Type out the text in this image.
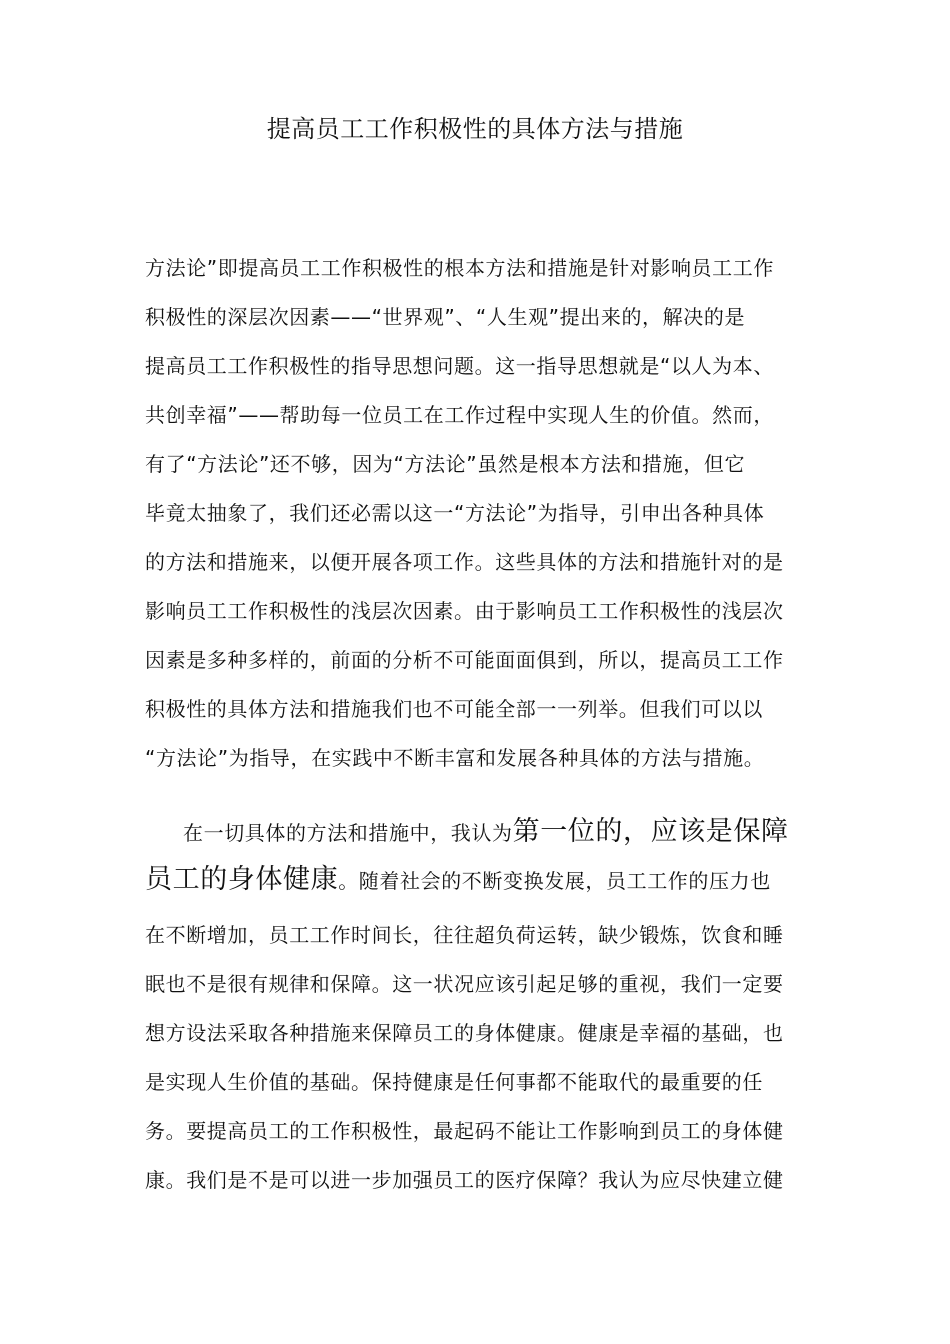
提高员工工作积极性的具体方法与措施
方法论”即提高员工工作积极性的根本方法和措施是针对影响员工工作
积极性的深层次因素——“世界观”、“人生观”提出来的，解决的是
提高员工工作积极性的指导思想问题。这一指导思想就是“以人为本、
共创幸福”——帮助每一位员工在工作过程中实现人生的价值。然而，
有了“方法论”还不够，因为“方法论”虽然是根本方法和措施，但它
毕竟太抽象了，我们还必需以这一“方法论”为指导，引申出各种具体
的方法和措施来，以便开展各项工作。这些具体的方法和措施针对的是
影响员工工作积极性的浅层次因素。由于影响员工工作积极性的浅层次
因素是多种多样的，前面的分析不可能面面俱到，所以，提高员工工作
积极性的具体方法和措施我们也不可能全部一一列举。但我们可以以
“方法论”为指导，在实践中不断丰富和发展各种具体的方法与措施。
在一切具体的方法和措施中，我认为第一位的，应该是保障
员工的身体健康。随着社会的不断变换发展，员工工作的压力也
在不断增加，员工工作时间长，往往超负荷运转，缺少锻炼，饮食和睡
眠也不是很有规律和保障。这一状况应该引起足够的重视，我们一定要
想方设法采取各种措施来保障员工的身体健康。健康是幸福的基础，也
是实现人生价值的基础。保持健康是任何事都不能取代的最重要的任
务。要提高员工的工作积极性，最起码不能让工作影响到员工的身体健
康。我们是不是可以进一步加强员工的医疗保障？我认为应尽快建立健
